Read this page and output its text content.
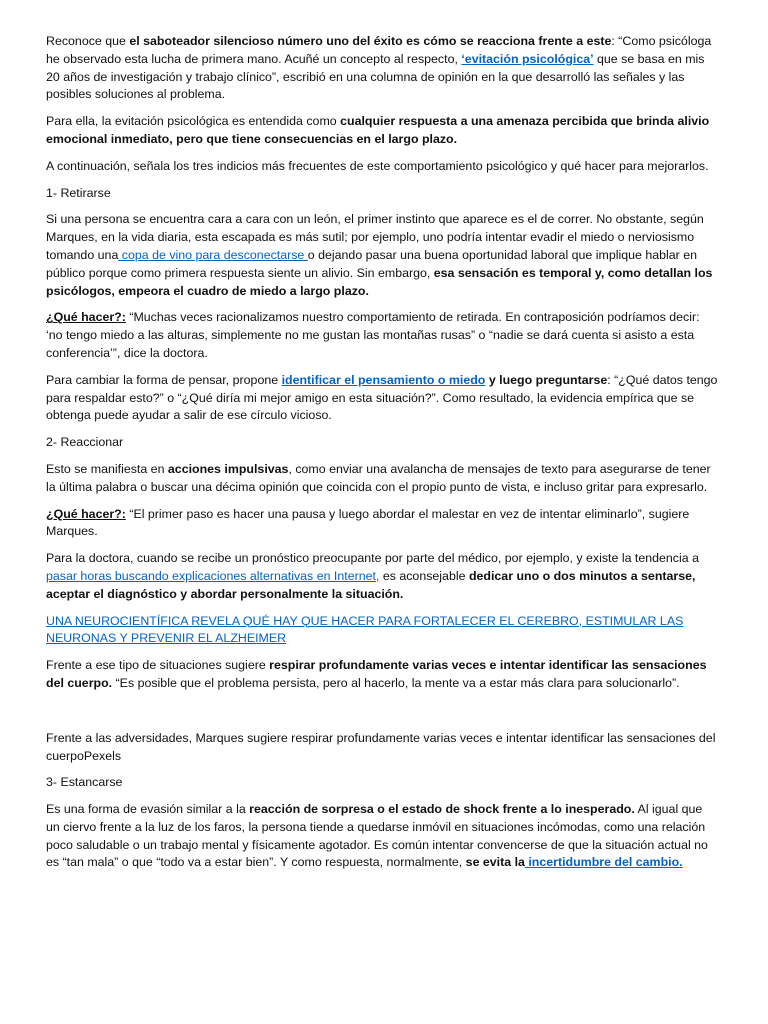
Reconoce que el saboteador silencioso número uno del éxito es cómo se reacciona frente a este: “Como psicóloga he observado esta lucha de primera mano. Acuñé un concepto al respecto, ‘evitación psicológica’ que se basa en mis 20 años de investigación y trabajo clínico”, escribió en una columna de opinión en la que desarrolló las señales y las posibles soluciones al problema.

Para ella, la evitación psicológica es entendida como cualquier respuesta a una amenaza percibida que brinda alivio emocional inmediato, pero que tiene consecuencias en el largo plazo.

A continuación, señala los tres indicios más frecuentes de este comportamiento psicológico y qué hacer para mejorarlos.

1- Retirarse

Si una persona se encuentra cara a cara con un león, el primer instinto que aparece es el de correr. No obstante, según Marques, en la vida diaria, esta escapada es más sutil; por ejemplo, uno podría intentar evadir el miedo o nerviosismo tomando una copa de vino para desconectarse o dejando pasar una buena oportunidad laboral que implique hablar en público porque como primera respuesta siente un alivio. Sin embargo, esa sensación es temporal y, como detallan los psicólogos, empeora el cuadro de miedo a largo plazo.

¿Qué hacer?: “Muchas veces racionalizamos nuestro comportamiento de retirada. En contraposición podríamos decir: ‘no tengo miedo a las alturas, simplemente no me gustan las montañas rusas” o “nadie se dará cuenta si asisto a esta conferencia’”, dice la doctora.

Para cambiar la forma de pensar, propone identificar el pensamiento o miedo y luego preguntarse: “¿Qué datos tengo para respaldar esto?” o “¿Qué diría mi mejor amigo en esta situación?”. Como resultado, la evidencia empírica que se obtenga puede ayudar a salir de ese círculo vicioso.

2- Reaccionar

Esto se manifiesta en acciones impulsivas, como enviar una avalancha de mensajes de texto para asegurarse de tener la última palabra o buscar una décima opinión que coincida con el propio punto de vista, e incluso gritar para expresarlo.

¿Qué hacer?: “El primer paso es hacer una pausa y luego abordar el malestar en vez de intentar eliminarlo”, sugiere Marques.

Para la doctora, cuando se recibe un pronóstico preocupante por parte del médico, por ejemplo, y existe la tendencia a pasar horas buscando explicaciones alternativas en Internet, es aconsejable dedicar uno o dos minutos a sentarse, aceptar el diagnóstico y abordar personalmente la situación.

UNA NEUROCIENTÍFICA REVELA QUÉ HAY QUE HACER PARA FORTALECER EL CEREBRO, ESTIMULAR LAS NEURONAS Y PREVENIR EL ALZHEIMER

Frente a ese tipo de situaciones sugiere respirar profundamente varias veces e intentar identificar las sensaciones del cuerpo. “Es posible que el problema persista, pero al hacerlo, la mente va a estar más clara para solucionarlo”.

Frente a las adversidades, Marques sugiere respirar profundamente varias veces e intentar identificar las sensaciones del cuerpoPexels

3- Estancarse

Es una forma de evasión similar a la reacción de sorpresa o el estado de shock frente a lo inesperado. Al igual que un ciervo frente a la luz de los faros, la persona tiende a quedarse inmóvil en situaciones incómodas, como una relación poco saludable o un trabajo mental y físicamente agotador. Es común intentar convencerse de que la situación actual no es “tan mala” o que “todo va a estar bien”. Y como respuesta, normalmente, se evita la incertidumbre del cambio.
